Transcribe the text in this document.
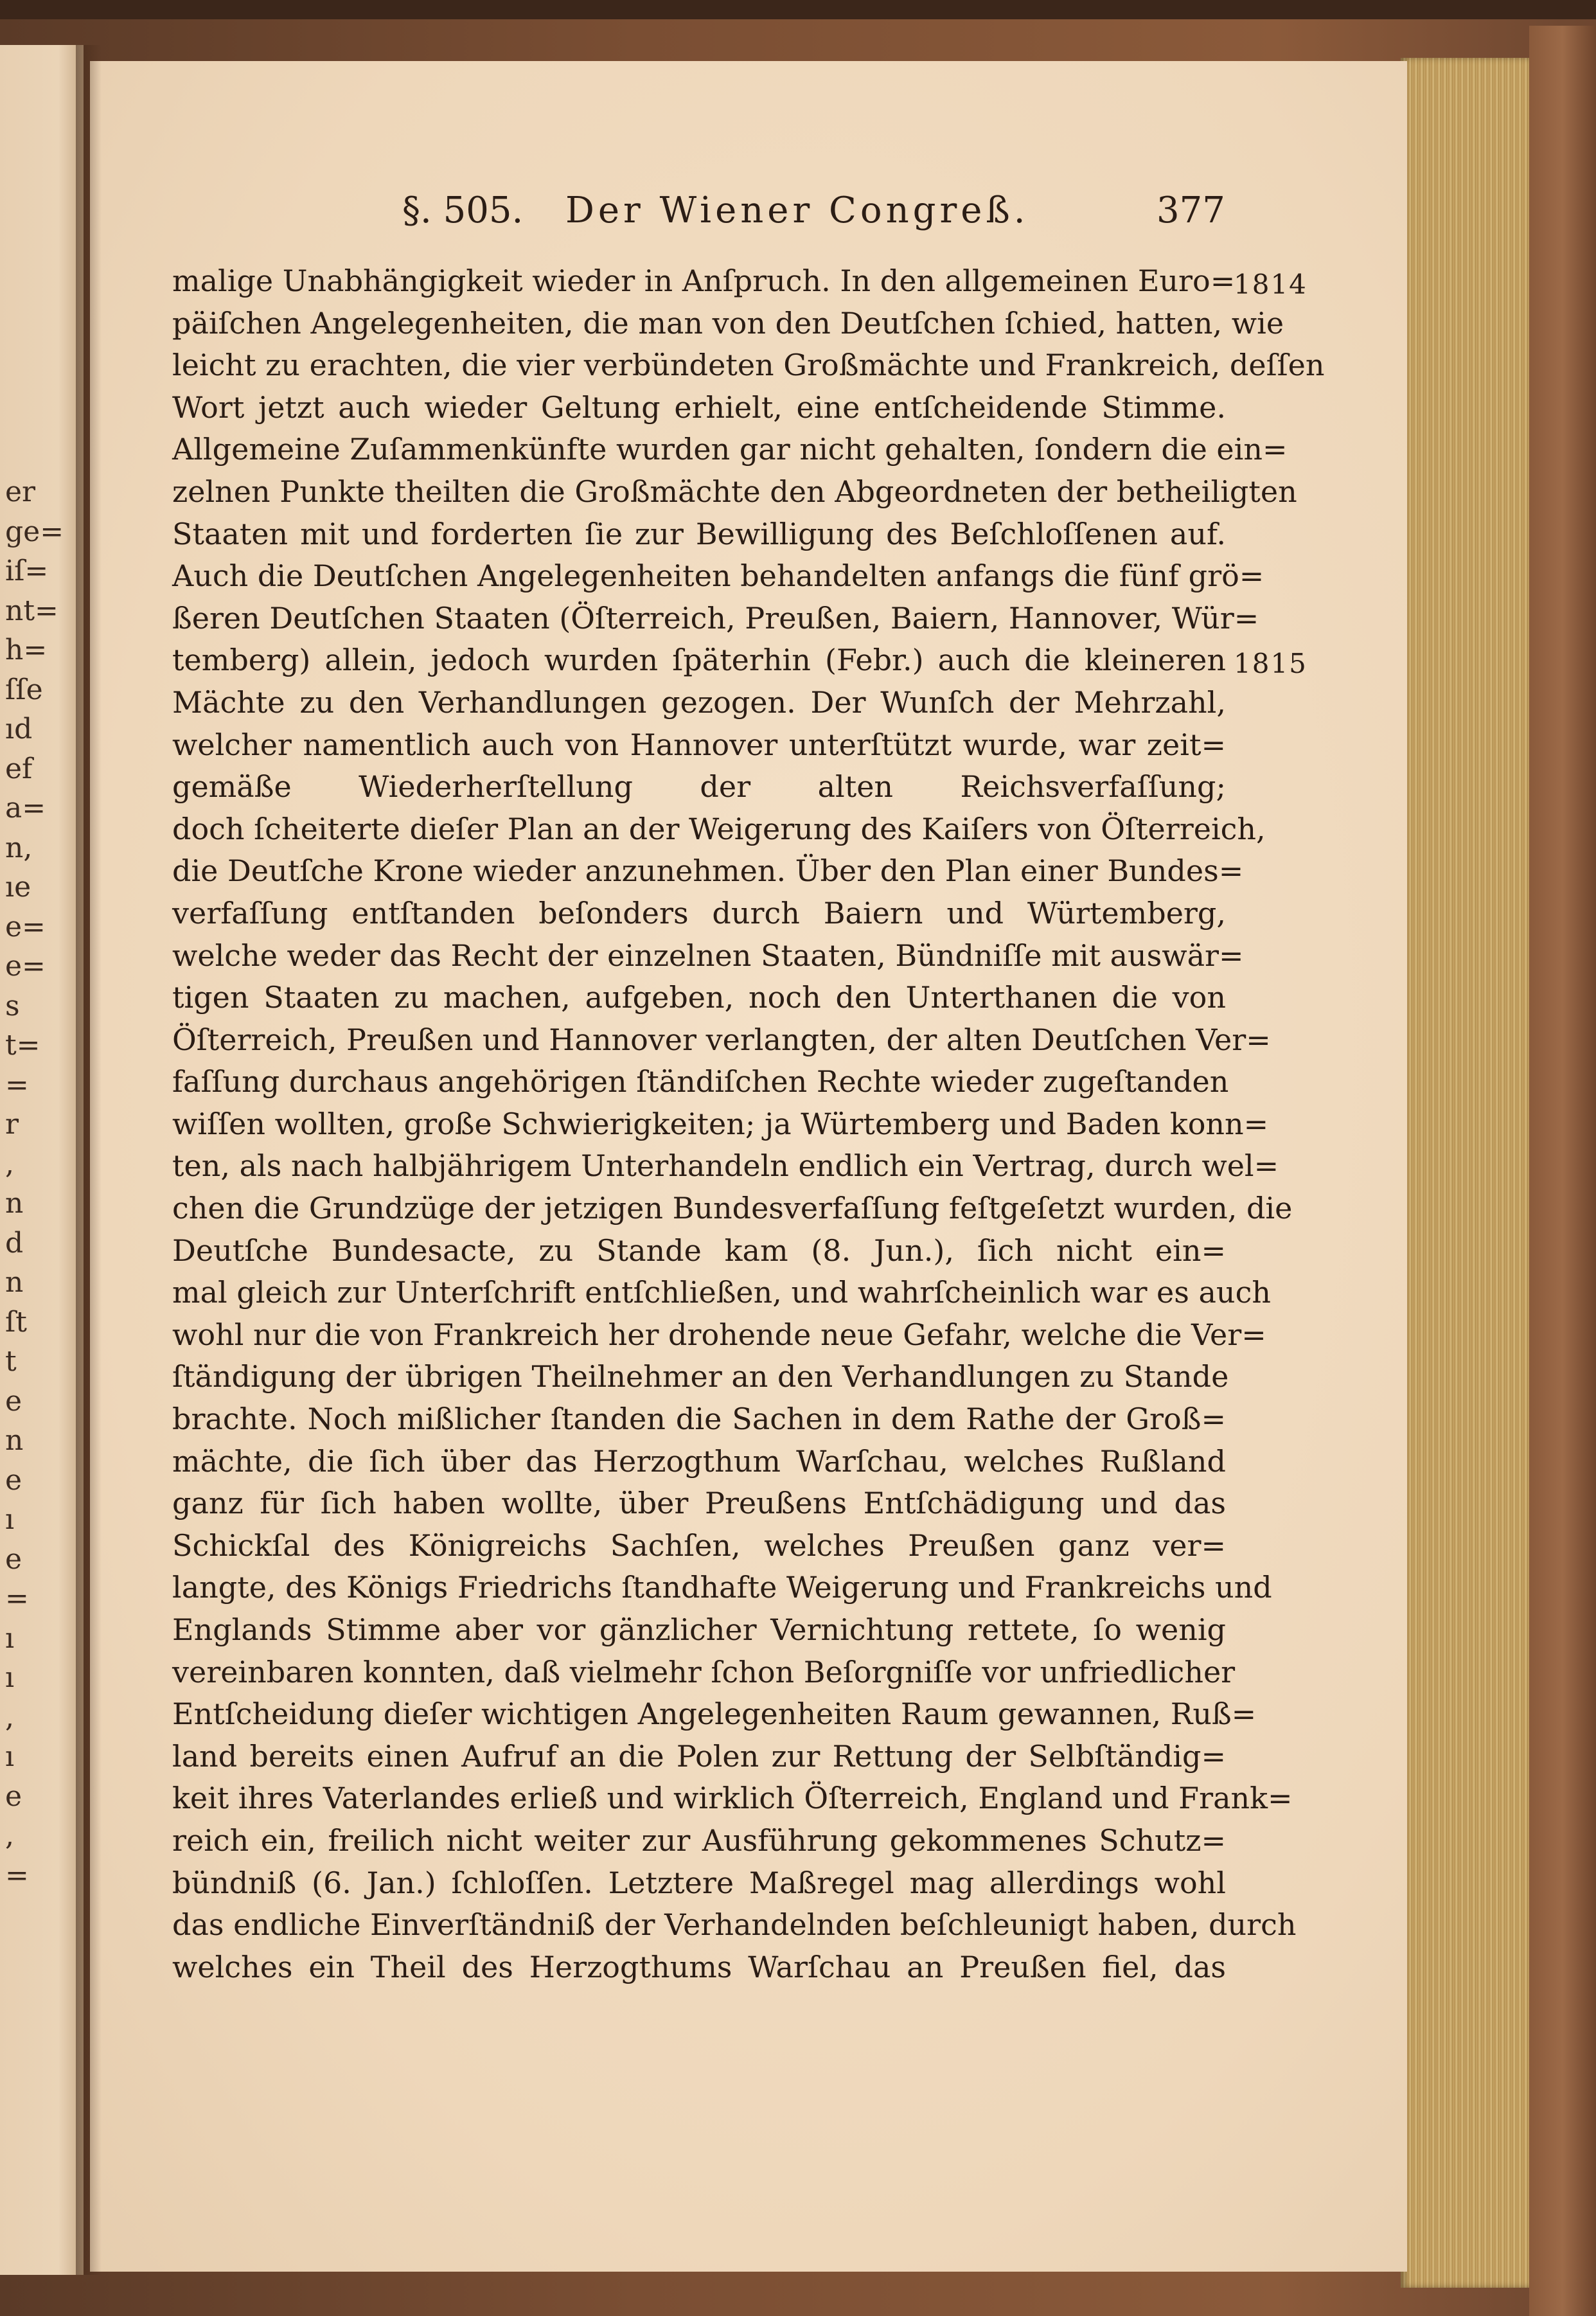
er
ge=
iſ=
nt=
h=
ſſe
ıd
ef
a=
n,
ıe
e=
e=
s
t=
=
r
,
n
d
n
ſt
t
e
n
e
ı
e
=
ı
ı
,
ı
e
,
=
§. 505. Der Wiener Congreß.	377
malige Unabhängigkeit wieder in Anſpruch. In den allgemeinen Euro=
päiſchen Angelegenheiten, die man von den Deutſchen ſchied, hatten, wie
leicht zu erachten, die vier verbündeten Großmächte und Frankreich, deſſen
Wort jetzt auch wieder Geltung erhielt, eine entſcheidende Stimme.
Allgemeine Zuſammenkünfte wurden gar nicht gehalten, ſondern die ein=
zelnen Punkte theilten die Großmächte den Abgeordneten der betheiligten
Staaten mit und forderten ſie zur Bewilligung des Beſchloſſenen auf.
Auch die Deutſchen Angelegenheiten behandelten anfangs die fünf grö=
ßeren Deutſchen Staaten (Öſterreich, Preußen, Baiern, Hannover, Wür=
temberg) allein, jedoch wurden ſpäterhin (Febr.) auch die kleineren
Mächte zu den Verhandlungen gezogen. Der Wunſch der Mehrzahl,
welcher namentlich auch von Hannover unterſtützt wurde, war zeit=
gemäße Wiederherſtellung der alten Reichsverfaſſung;
doch ſcheiterte dieſer Plan an der Weigerung des Kaiſers von Öſterreich,
die Deutſche Krone wieder anzunehmen. Über den Plan einer Bundes=
verfaſſung entſtanden beſonders durch Baiern und Würtemberg,
welche weder das Recht der einzelnen Staaten, Bündniſſe mit auswär=
tigen Staaten zu machen, aufgeben, noch den Unterthanen die von
Öſterreich, Preußen und Hannover verlangten, der alten Deutſchen Ver=
faſſung durchaus angehörigen ſtändiſchen Rechte wieder zugeſtanden
wiſſen wollten, große Schwierigkeiten; ja Würtemberg und Baden konn=
ten, als nach halbjährigem Unterhandeln endlich ein Vertrag, durch wel=
chen die Grundzüge der jetzigen Bundesverfaſſung feſtgeſetzt wurden, die
Deutſche Bundesacte, zu Stande kam (8. Jun.), ſich nicht ein=
mal gleich zur Unterſchrift entſchließen, und wahrſcheinlich war es auch
wohl nur die von Frankreich her drohende neue Gefahr, welche die Ver=
ſtändigung der übrigen Theilnehmer an den Verhandlungen zu Stande
brachte. Noch mißlicher ſtanden die Sachen in dem Rathe der Groß=
mächte, die ſich über das Herzogthum Warſchau, welches Rußland
ganz für ſich haben wollte, über Preußens Entſchädigung und das
Schickſal des Königreichs Sachſen, welches Preußen ganz ver=
langte, des Königs Friedrichs ſtandhafte Weigerung und Frankreichs und
Englands Stimme aber vor gänzlicher Vernichtung rettete, ſo wenig
vereinbaren konnten, daß vielmehr ſchon Beſorgniſſe vor unfriedlicher
Entſcheidung dieſer wichtigen Angelegenheiten Raum gewannen, Ruß=
land bereits einen Aufruf an die Polen zur Rettung der Selbſtändig=
keit ihres Vaterlandes erließ und wirklich Öſterreich, England und Frank=
reich ein, freilich nicht weiter zur Ausführung gekommenes Schutz=
bündniß (6. Jan.) ſchloſſen. Letztere Maßregel mag allerdings wohl
das endliche Einverſtändniß der Verhandelnden beſchleunigt haben, durch
welches ein Theil des Herzogthums Warſchau an Preußen fiel, das
1814
1815
